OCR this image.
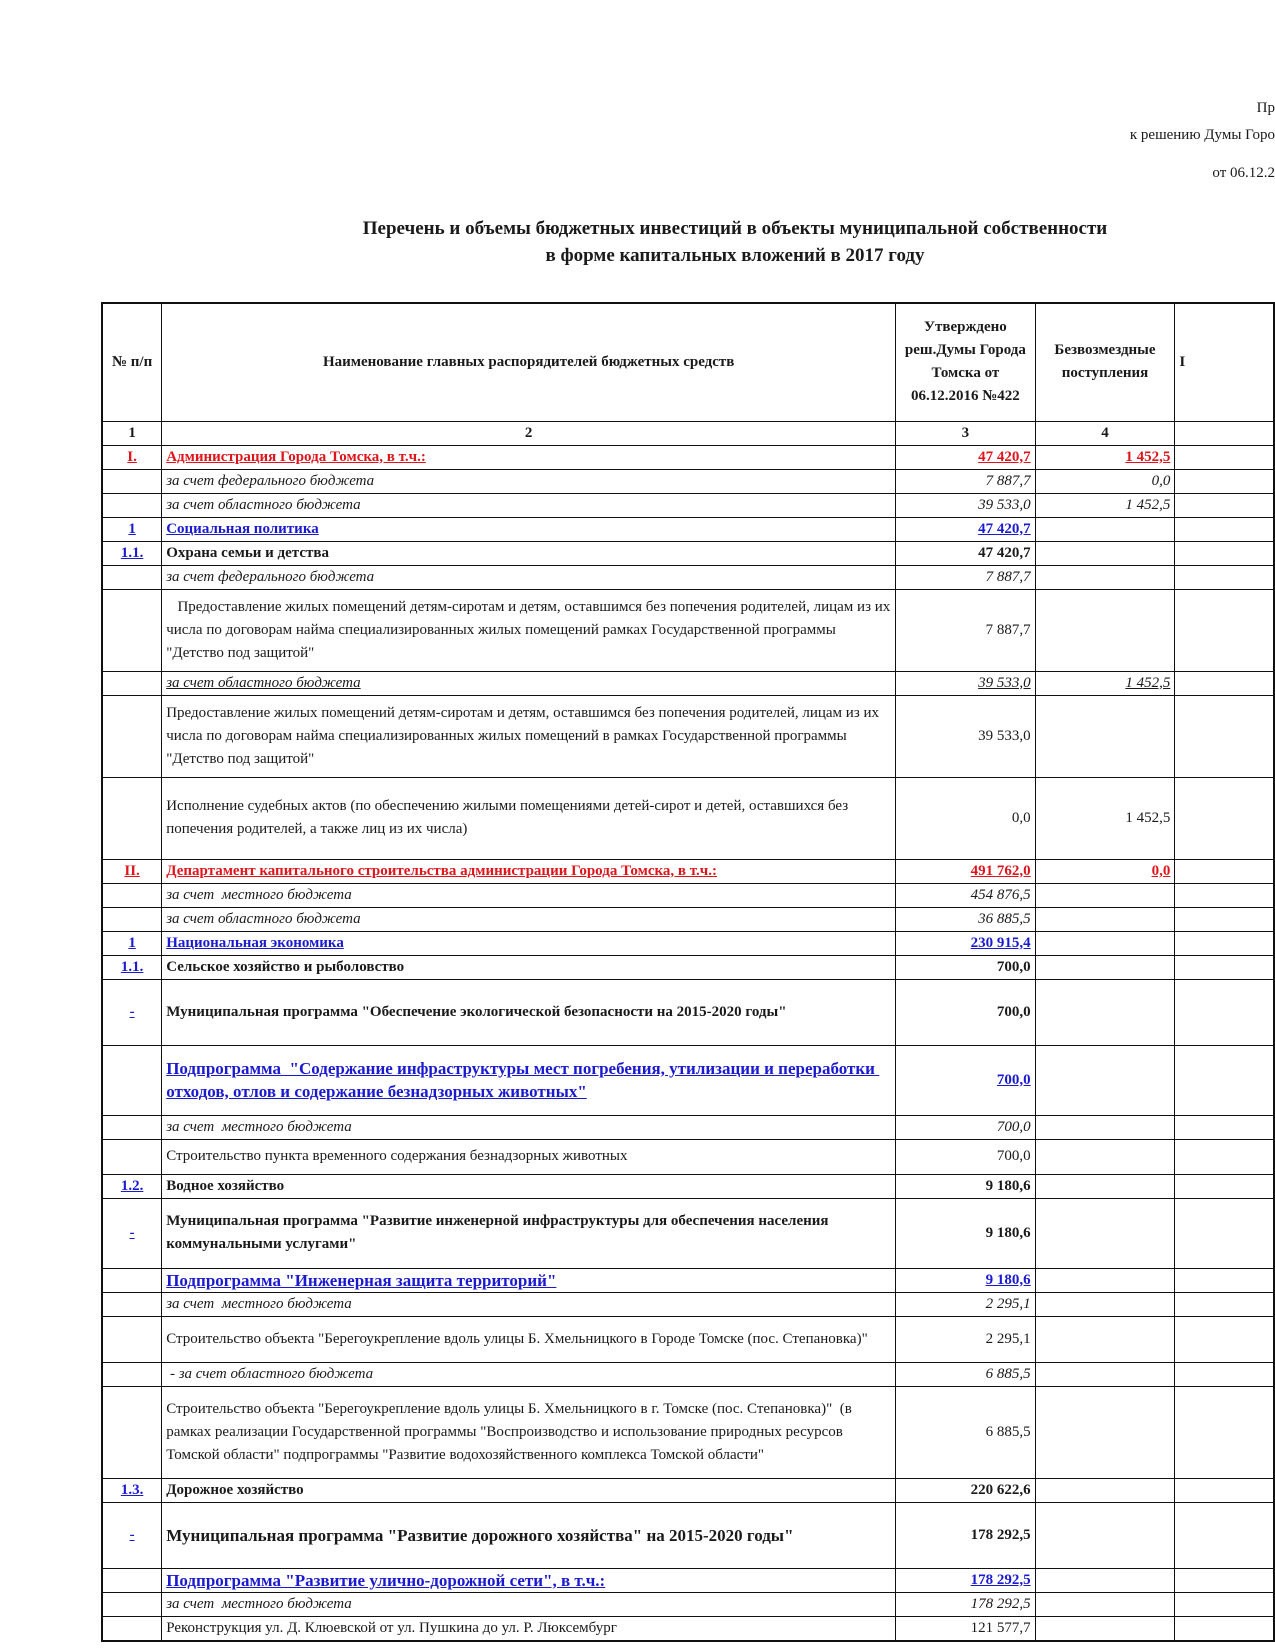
Пр
к решению Думы Горо
от 06.12.2
Перечень и объемы бюджетных инвестиций в объекты муниципальной собственности
в форме капитальных вложений в 2017 году
№ п/п	Наименование главных распорядителей бюджетных средств	Утверждено реш.Думы Города Томска от 06.12.2016 №422	Безвозмездные поступления	I
1	2	3	4	
I.	Администрация Города Томска, в т.ч.:	47 420,7	1 452,5	
	за счет федерального бюджета	7 887,7	0,0	
	за счет областного бюджета	39 533,0	1 452,5	
1	Социальная политика	47 420,7		
1.1.	Охрана семьи и детства	47 420,7		
	за счет федерального бюджета	7 887,7		
	Предоставление жилых помещений детям-сиротам и детям, оставшимся без попечения родителей, лицам из их числа по договорам найма специализированных жилых помещений рамках Государственной программы "Детство под защитой"	7 887,7		
	за счет областного бюджета	39 533,0	1 452,5	
	Предоставление жилых помещений детям-сиротам и детям, оставшимся без попечения родителей, лицам из их числа по договорам найма специализированных жилых помещений в рамках Государственной программы "Детство под защитой"	39 533,0		
	Исполнение судебных актов (по обеспечению жилыми помещениями детей-сирот и детей, оставшихся без попечения родителей, а также лиц из их числа)	0,0	1 452,5	
II.	Департамент капитального строительства администрации Города Томска, в т.ч.:	491 762,0	0,0	
	за счет  местного бюджета	454 876,5		
	за счет областного бюджета	36 885,5		
1	Национальная экономика	230 915,4		
1.1.	Сельское хозяйство и рыболовство	700,0		
-	Муниципальная программа "Обеспечение экологической безопасности на 2015-2020 годы"	700,0		
	Подпрограмма  "Содержание инфраструктуры мест погребения, утилизации и переработки отходов, отлов и содержание безнадзорных животных"	700,0		
	за счет  местного бюджета	700,0		
	Строительство пункта временного содержания безнадзорных животных	700,0		
1.2.	Водное хозяйство	9 180,6		
-	Муниципальная программа "Развитие инженерной инфраструктуры для обеспечения населения коммунальными услугами"	9 180,6		
	Подпрограмма "Инженерная защита территорий"	9 180,6		
	за счет  местного бюджета	2 295,1		
	Строительство объекта "Берегоукрепление вдоль улицы Б. Хмельницкого в Городе Томске (пос. Степановка)"	2 295,1		
	- за счет областного бюджета	6 885,5		
	Строительство объекта "Берегоукрепление вдоль улицы Б. Хмельницкого в г. Томске (пос. Степановка)"  (в рамках реализации Государственной программы "Воспроизводство и использование природных ресурсов Томской области" подпрограммы "Развитие водохозяйственного комплекса Томской области"	6 885,5		
1.3.	Дорожное хозяйство	220 622,6		
-	Муниципальная программа "Развитие дорожного хозяйства" на 2015-2020 годы"	178 292,5		
	Подпрограмма "Развитие улично-дорожной сети", в т.ч.:	178 292,5		
	за счет  местного бюджета	178 292,5		
	Реконструкция ул. Д. Клюевской от ул. Пушкина до ул. Р. Люксембург	121 577,7		
